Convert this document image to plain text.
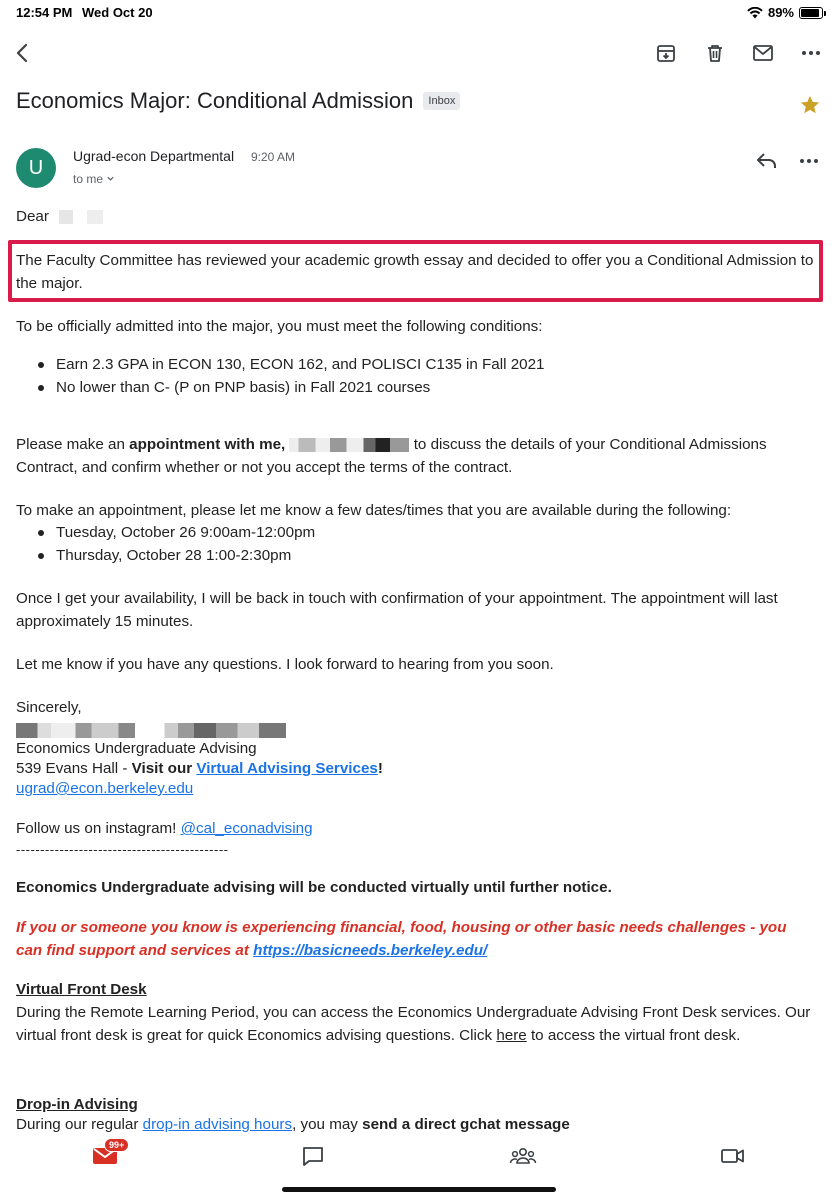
12:54 PM Wed Oct 20	89%
Economics Major: Conditional Admission	Inbox
U
Ugrad-econ Departmental 9:20 AM
to me
Dear
The Faculty Committee has reviewed your academic growth essay and decided to offer you a Conditional Admission to the major.
To be officially admitted into the major, you must meet the following conditions:
Earn 2.3 GPA in ECON 130, ECON 162, and POLISCI C135 in Fall 2021
No lower than C- (P on PNP basis) in Fall 2021 courses
Please make an appointment with me,	to discuss the details of your Conditional Admissions Contract, and confirm whether or not you accept the terms of the contract.
To make an appointment, please let me know a few dates/times that you are available during the following:
Tuesday, October 26 9:00am-12:00pm
Thursday, October 28 1:00-2:30pm
Once I get your availability, I will be back in touch with confirmation of your appointment. The appointment will last approximately 15 minutes.
Let me know if you have any questions. I look forward to hearing from you soon.
Sincerely,
Economics Undergraduate Advising
539 Evans Hall - Visit our Virtual Advising Services!
ugrad@econ.berkeley.edu
Follow us on instagram! @cal_econadvising
--------------------------------------------
Economics Undergraduate advising will be conducted virtually until further notice.
If you or someone you know is experiencing financial, food, housing or other basic needs challenges - you can find support and services at https://basicneeds.berkeley.edu/
Virtual Front Desk
During the Remote Learning Period, you can access the Economics Undergraduate Advising Front Desk services. Our virtual front desk is great for quick Economics advising questions. Click here to access the virtual front desk.
Drop-in Advising
During our regular drop-in advising hours, you may send a direct gchat message
99+
